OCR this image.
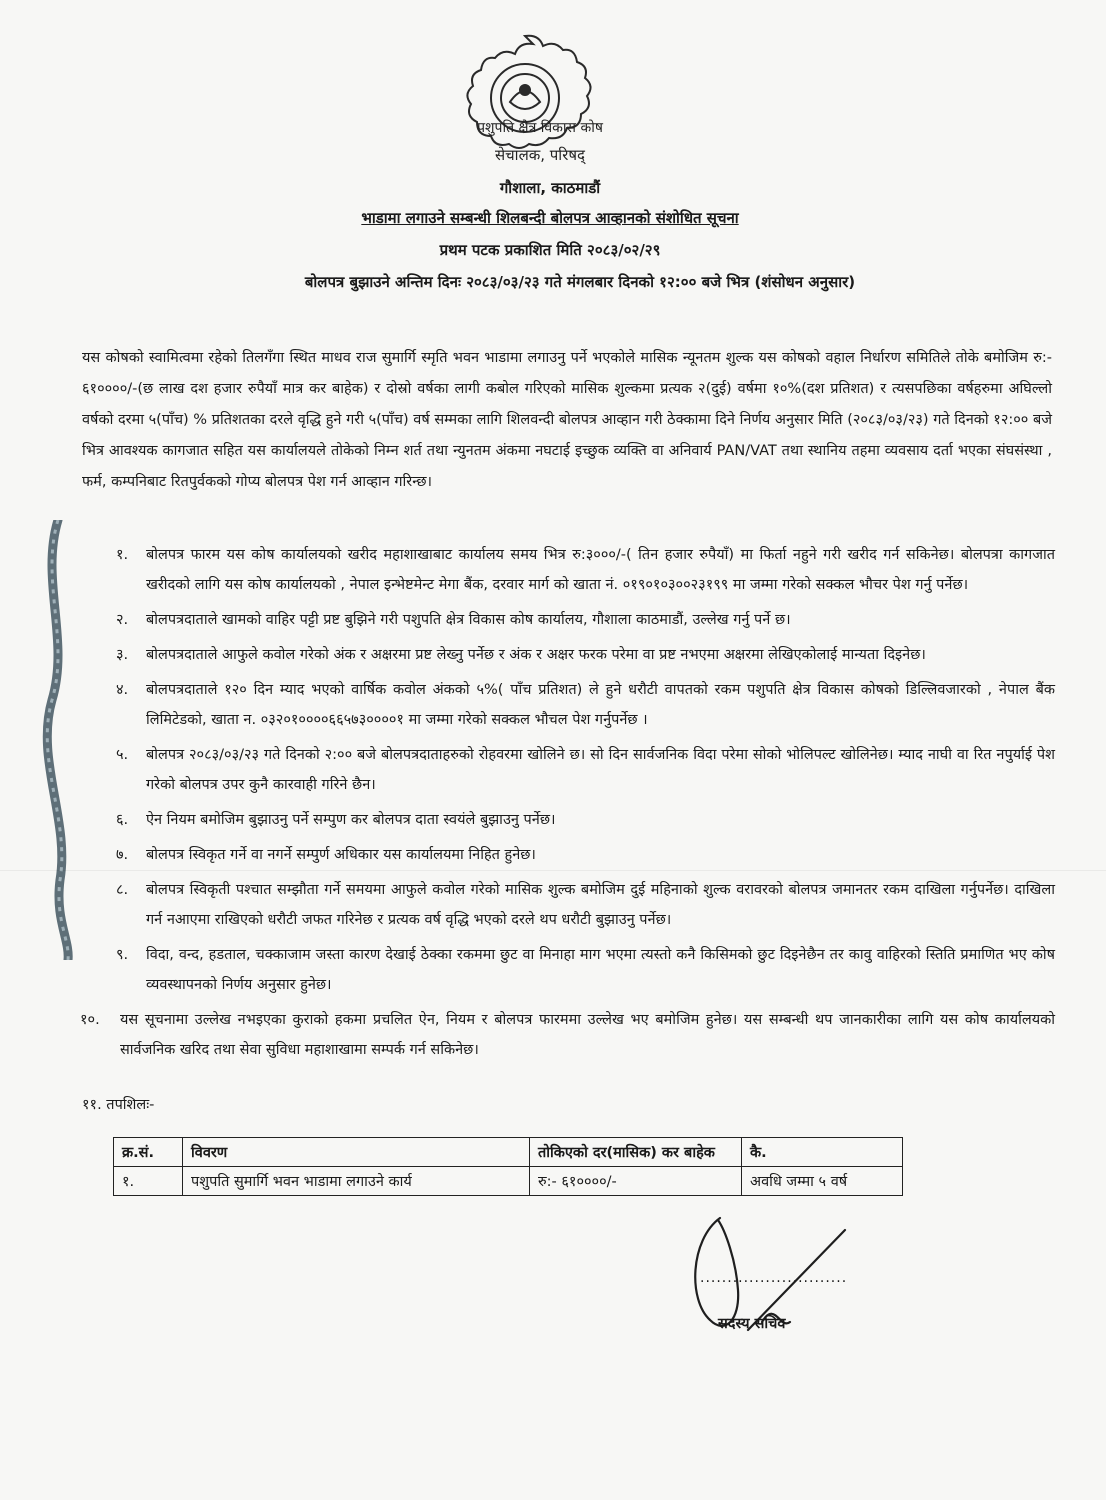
पशुपति क्षेत्र विकास कोष
सेचालक, परिषद्
गौशाला, काठमाडौं
भाडामा लगाउने सम्बन्धी शिलबन्दी बोलपत्र आव्हानको संशोधित सूचना
प्रथम पटक प्रकाशित मिति २०८३/०२/२९
बोलपत्र बुझाउने अन्तिम दिनः २०८३/०३/२३ गते मंगलबार दिनको १२:०० बजे भित्र (शंसोधन अनुसार)
यस कोषको स्वामित्वमा रहेको तिलगँगा स्थित माधव राज सुमार्गि स्मृति भवन भाडामा लगाउनु पर्ने भएकोले मासिक न्यूनतम शुल्क यस कोषको वहाल निर्धारण समितिले तोके बमोजिम रु:- ६१००००/-(छ लाख दश हजार रुपैयाँ मात्र कर बाहेक) र दोस्रो वर्षका लागी कबोल गरिएको मासिक शुल्कमा प्रत्यक २(दुई) वर्षमा १०%(दश प्रतिशत) र त्यसपछिका वर्षहरुमा अघिल्लो वर्षको दरमा ५(पाँच) % प्रतिशतका दरले वृद्धि हुने गरी ५(पाँच) वर्ष सम्मका लागि शिलवन्दी बोलपत्र आव्हान गरी ठेक्कामा दिने निर्णय अनुसार मिति (२०८३/०३/२३) गते दिनको १२:०० बजे भित्र आवश्यक कागजात सहित यस कार्यालयले तोकेको निम्न शर्त तथा न्युनतम अंकमा नघटाई इच्छुक व्यक्ति वा अनिवार्य PAN/VAT तथा स्थानिय तहमा व्यवसाय दर्ता भएका संघसंस्था , फर्म, कम्पनिबाट रितपुर्वकको गोप्य बोलपत्र पेश गर्न आव्हान गरिन्छ।
१.	बोलपत्र फारम यस कोष कार्यालयको खरीद महाशाखाबाट कार्यालय समय भित्र रु:३०००/-( तिन हजार रुपैयाँ) मा फिर्ता नहुने गरी खरीद गर्न सकिनेछ। बोलपत्रा कागजात खरीदको लागि यस कोष कार्यालयको , नेपाल इन्भेष्टमेन्ट मेगा बैंक, दरवार मार्ग को खाता नं. ०१९०१०३००२३१९९ मा जम्मा गरेको सक्कल भौचर पेश गर्नु पर्नेछ।
२.	बोलपत्रदाताले खामको वाहिर पट्टी प्रष्ट बुझिने गरी पशुपति क्षेत्र विकास कोष कार्यालय, गौशाला काठमाडौं, उल्लेख गर्नु पर्ने छ।
३.	बोलपत्रदाताले आफुले कवोल गरेको अंक र अक्षरमा प्रष्ट लेख्नु पर्नेछ र अंक र अक्षर फरक परेमा वा प्रष्ट नभएमा अक्षरमा लेखिएकोलाई मान्यता दिइनेछ।
४.	बोलपत्रदाताले १२० दिन म्याद भएको वार्षिक कवोल अंकको ५%( पाँच प्रतिशत) ले हुने धरौटी वापतको रकम पशुपति क्षेत्र विकास कोषको डिल्लिवजारको , नेपाल बैंक लिमिटेडको, खाता न. ०३२०१००००६६५७३००००१ मा जम्मा गरेको सक्कल भौचल पेश गर्नुपर्नेछ ।
५.	बोलपत्र २०८३/०३/२३ गते दिनको २:०० बजे बोलपत्रदाताहरुको रोहवरमा खोलिने छ। सो दिन सार्वजनिक विदा परेमा सोको भोलिपल्ट खोलिनेछ। म्याद नाघी वा रित नपुर्याई पेश गरेको बोलपत्र उपर कुनै कारवाही गरिने छैन।
६.	ऐन नियम बमोजिम बुझाउनु पर्ने सम्पुण कर बोलपत्र दाता स्वयंले बुझाउनु पर्नेछ।
७.	बोलपत्र स्विकृत गर्ने वा नगर्ने सम्पुर्ण अधिकार यस कार्यालयमा निहित हुनेछ।
८.	बोलपत्र स्विकृती पश्चात सम्झौता गर्ने समयमा आफुले कवोल गरेको मासिक शुल्क बमोजिम दुई महिनाको शुल्क वरावरको बोलपत्र जमानतर रकम दाखिला गर्नुपर्नेछ। दाखिला गर्न नआएमा राखिएको धरौटी जफत गरिनेछ र प्रत्यक वर्ष वृद्धि भएको दरले थप धरौटी बुझाउनु पर्नेछ।
९.	विदा, वन्द, हडताल, चक्काजाम जस्ता कारण देखाई ठेक्का रकममा छुट वा मिनाहा माग भएमा त्यस्तो कनै किसिमको छुट दिइनेछैन तर कावु वाहिरको स्तिति प्रमाणित भए कोष व्यवस्थापनको निर्णय अनुसार हुनेछ।
१०.	यस सूचनामा उल्लेख नभइएका कुराको हकमा प्रचलित ऐन, नियम र बोलपत्र फारममा उल्लेख भए बमोजिम हुनेछ। यस सम्बन्धी थप जानकारीका लागि यस कोष कार्यालयको सार्वजनिक खरिद तथा सेवा सुविधा महाशाखामा सम्पर्क गर्न सकिनेछ।
११. तपशिलः-
क्र.सं.	विवरण	तोकिएको दर(मासिक) कर बाहेक	कै.
१.	पशुपति सुमार्गि भवन भाडामा लगाउने कार्य	रु:- ६१००००/-	अवधि जम्मा ५ वर्ष
...........................
सदस्य सचिव
